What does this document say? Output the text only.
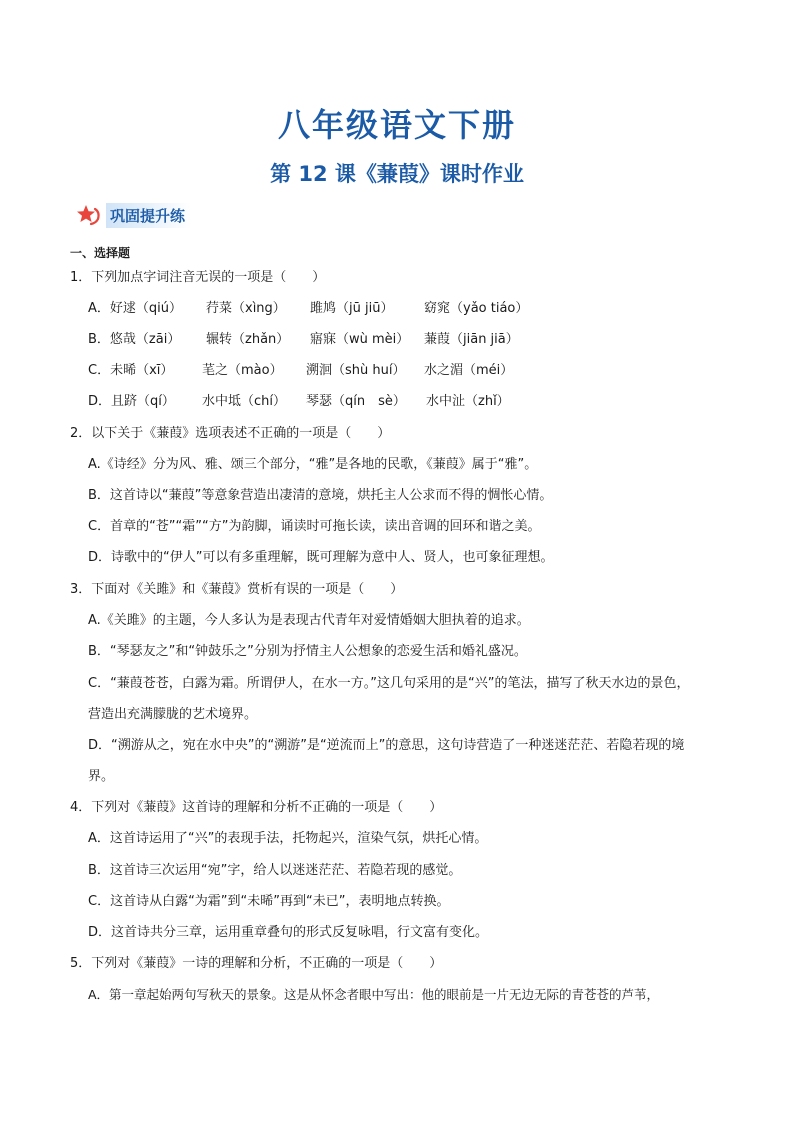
八年级语文下册
第 12 课《蒹葭》课时作业
巩固提升练
一、选择题
1．下列加点字词注音无误的一项是（　　）
A．好逑（qiú） 荇菜（xìng） 雎鸠（jū jiū） 窈窕（yǎo tiáo）
B．悠哉（zāi） 辗转（zhǎn） 寤寐（wù mèi） 蒹葭（jiān jiā）
C．未晞（xī） 芼之（mào） 溯洄（shù huí） 水之湄（méi）
D．且跻（qí） 水中坻（chí） 琴瑟（qín　sè） 水中沚（zhǐ）
2．以下关于《蒹葭》选项表述不正确的一项是（　　）
A.《诗经》分为风、雅、颂三个部分，“雅”是各地的民歌，《蒹葭》属于“雅”。
B．这首诗以“蒹葭”等意象营造出凄清的意境，烘托主人公求而不得的惆怅心情。
C．首章的“苍”“霜”“方”为韵脚，诵读时可拖长读，读出音调的回环和谐之美。
D．诗歌中的“伊人”可以有多重理解，既可理解为意中人、贤人，也可象征理想。
3．下面对《关雎》和《蒹葭》赏析有误的一项是（　　）
A.《关雎》的主题，今人多认为是表现古代青年对爱情婚姻大胆执着的追求。
B．“琴瑟友之”和“钟鼓乐之”分别为抒情主人公想象的恋爱生活和婚礼盛况。
C．“蒹葭苍苍，白露为霜。所谓伊人，在水一方。”这几句采用的是“兴”的笔法，描写了秋天水边的景色，
营造出充满朦胧的艺术境界。
D．“溯游从之，宛在水中央”的“溯游”是“逆流而上”的意思，这句诗营造了一种迷迷茫茫、若隐若现的境
界。
4．下列对《蒹葭》这首诗的理解和分析不正确的一项是（　　）
A．这首诗运用了“兴”的表现手法，托物起兴，渲染气氛，烘托心情。
B．这首诗三次运用“宛”字，给人以迷迷茫茫、若隐若现的感觉。
C．这首诗从白露“为霜”到“未晞”再到“未已”，表明地点转换。
D．这首诗共分三章，运用重章叠句的形式反复咏唱，行文富有变化。
5．下列对《蒹葭》一诗的理解和分析，不正确的一项是（　　）
A．第一章起始两句写秋天的景象。这是从怀念者眼中写出：他的眼前是一片无边无际的青苍苍的芦苇，
